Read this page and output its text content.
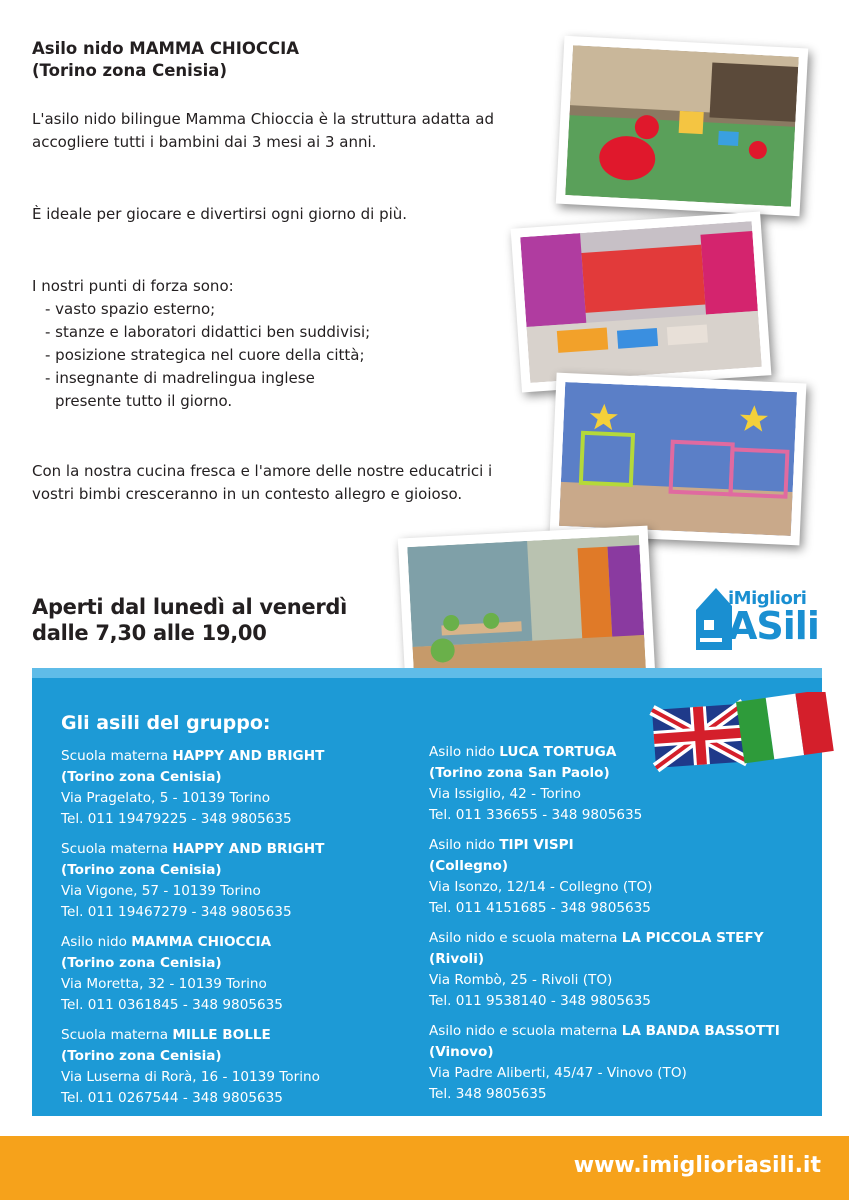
Asilo nido MAMMA CHIOCCIA
(Torino zona Cenisia)
L'asilo nido bilingue Mamma Chioccia è la struttura adatta ad accogliere tutti i bambini dai 3 mesi ai 3 anni.
È ideale per giocare e divertirsi ogni giorno di più.
I nostri punti di forza sono:
- vasto spazio esterno;
- stanze e laboratori didattici ben suddivisi;
- posizione strategica nel cuore della città;
- insegnante di madrelingua inglese
presente tutto il giorno.
Con la nostra cucina fresca e l'amore delle nostre educatrici i vostri bimbi cresceranno in un contesto allegro e gioioso.
Aperti dal lunedì al venerdì
dalle 7,30 alle 19,00
iMigliori
ASili
Gli asili del gruppo:
Scuola materna HAPPY AND BRIGHT
(Torino zona Cenisia)
Via Pragelato, 5 - 10139 Torino
Tel. 011 19479225 - 348 9805635
Scuola materna HAPPY AND BRIGHT
(Torino zona Cenisia)
Via Vigone, 57 - 10139 Torino
Tel. 011 19467279 - 348 9805635
Asilo nido MAMMA CHIOCCIA
(Torino zona Cenisia)
Via Moretta, 32 - 10139 Torino
Tel. 011 0361845 - 348 9805635
Scuola materna MILLE BOLLE
(Torino zona Cenisia)
Via Luserna di Rorà, 16 - 10139 Torino
Tel. 011 0267544 - 348 9805635
Asilo nido LUCA TORTUGA
(Torino zona San Paolo)
Via Issiglio, 42 - Torino
Tel. 011 336655 - 348 9805635
Asilo nido TIPI VISPI
(Collegno)
Via Isonzo, 12/14 - Collegno (TO)
Tel. 011 4151685 - 348 9805635
Asilo nido e scuola materna LA PICCOLA STEFY
(Rivoli)
Via Rombò, 25 - Rivoli (TO)
Tel. 011 9538140 - 348 9805635
Asilo nido e scuola materna LA BANDA BASSOTTI
(Vinovo)
Via Padre Aliberti, 45/47 - Vinovo (TO)
Tel. 348 9805635
www.imiglioriasili.it
